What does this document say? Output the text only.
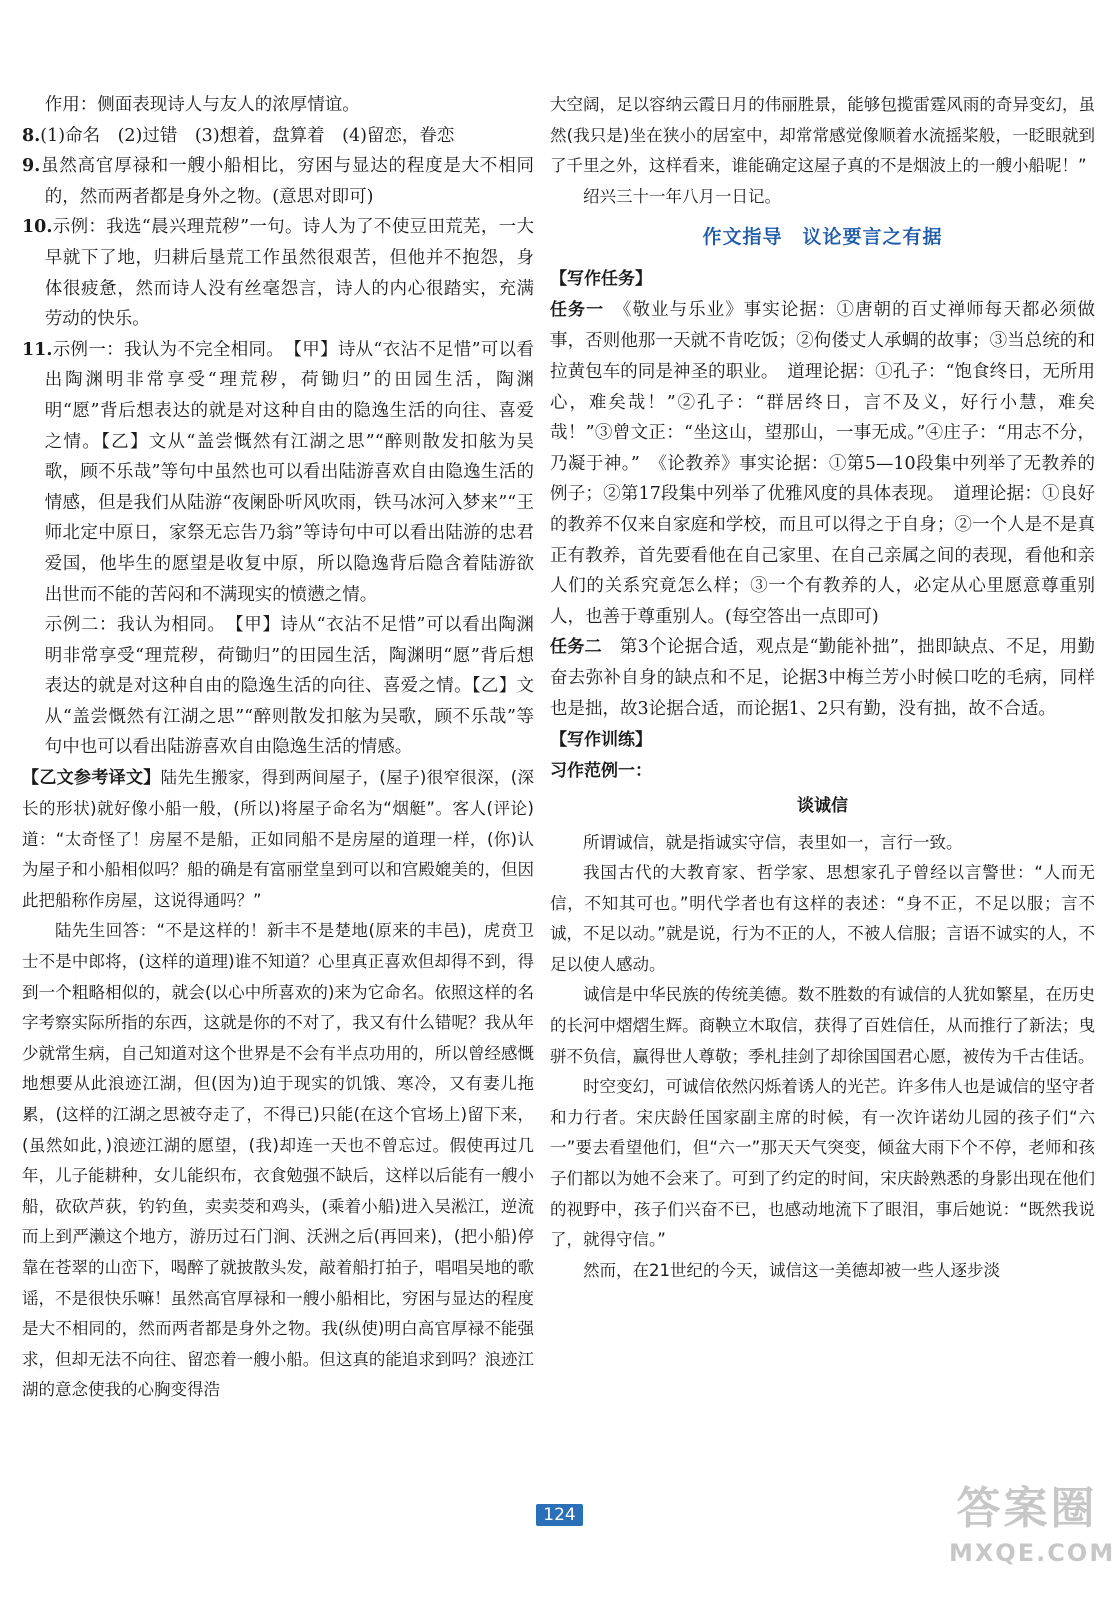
作用：侧面表现诗人与友人的浓厚情谊。

8.(1)命名　(2)过错　(3)想着，盘算着　(4)留恋，眷恋

9.虽然高官厚禄和一艘小船相比，穷困与显达的程度是大不相同的，然而两者都是身外之物。(意思对即可)

10.示例：我选“晨兴理荒秽”一句。诗人为了不使豆田荒芜，一大早就下了地，归耕后垦荒工作虽然很艰苦，但他并不抱怨，身体很疲惫，然而诗人没有丝毫怨言，诗人的内心很踏实，充满劳动的快乐。

11.示例一：我认为不完全相同。　【甲】诗从“衣沾不足惜”可以看出陶渊明非常享受“理荒秽，荷锄归”的田园生活，陶渊明“愿”背后想表达的就是对这种自由的隐逸生活的向往、喜爱之情。【乙】文从“盖尝慨然有江湖之思”“醉则散发扣舷为吴歌，顾不乐哉”等句中虽然也可以看出陆游喜欢自由隐逸生活的情感，但是我们从陆游“夜阑卧听风吹雨，铁马冰河入梦来”“王师北定中原日，家祭无忘告乃翁”等诗句中可以看出陆游的忠君爱国，他毕生的愿望是收复中原，所以隐逸背后隐含着陆游欲出世而不能的苦闷和不满现实的愤懑之情。

示例二：我认为相同。　【甲】诗从“衣沾不足惜”可以看出陶渊明非常享受“理荒秽，荷锄归”的田园生活，陶渊明“愿”背后想表达的就是对这种自由的隐逸生活的向往、喜爱之情。【乙】文从“盖尝慨然有江湖之思”“醉则散发扣舷为吴歌，顾不乐哉”等句中也可以看出陆游喜欢自由隐逸生活的情感。

【乙文参考译文】陆先生搬家，得到两间屋子，(屋子)很窄很深，(深长的形状)就好像小船一般，(所以)将屋子命名为“烟艇”。客人(评论)道：“太奇怪了！房屋不是船，正如同船不是房屋的道理一样，(你)认为屋子和小船相似吗？船的确是有富丽堂皇到可以和宫殿媲美的，但因此把船称作房屋，这说得通吗？”

陆先生回答：“不是这样的！新丰不是楚地(原来的丰邑)，虎贲卫士不是中郎将，(这样的道理)谁不知道？心里真正喜欢但却得不到，得到一个粗略相似的，就会(以心中所喜欢的)来为它命名。依照这样的名字考察实际所指的东西，这就是你的不对了，我又有什么错呢？我从年少就常生病，自己知道对这个世界是不会有半点功用的，所以曾经感慨地想要从此浪迹江湖，但(因为)迫于现实的饥饿、寒冷，又有妻儿拖累，(这样的江湖之思被夺走了，不得已)只能(在这个官场上)留下来，(虽然如此，)浪迹江湖的愿望，(我)却连一天也不曾忘过。假使再过几年，儿子能耕种，女儿能织布，衣食勉强不缺后，这样以后能有一艘小船，砍砍芦荻，钓钓鱼，卖卖茭和鸡头，(乘着小船)进入吴淞江，逆流而上到严濑这个地方，游历过石门涧、沃洲之后(再回来)，(把小船)停靠在苍翠的山峦下，喝醉了就披散头发，敲着船打拍子，唱唱吴地的歌谣，不是很快乐嘛！虽然高官厚禄和一艘小船相比，穷困与显达的程度是大不相同的，然而两者都是身外之物。我(纵使)明白高官厚禄不能强求，但却无法不向往、留恋着一艘小船。但这真的能追求到吗？浪迹江湖的意念使我的心胸变得浩

大空阔，足以容纳云霞日月的伟丽胜景，能够包揽雷霆风雨的奇异变幻，虽然(我只是)坐在狭小的居室中，却常常感觉像顺着水流摇桨般，一眨眼就到了千里之外，这样看来，谁能确定这屋子真的不是烟波上的一艘小船呢！”

绍兴三十一年八月一日记。

作文指导　议论要言之有据

【写作任务】

任务一　 《敬业与乐业》事实论据：①唐朝的百丈禅师每天都必须做事，否则他那一天就不肯吃饭；②佝偻丈人承蜩的故事；③当总统的和拉黄包车的同是神圣的职业。　道理论据：①孔子：“饱食终日，无所用心，难矣哉！”②孔子：“群居终日，言不及义，好行小慧，难矣哉！”③曾文正：“坐这山，望那山，一事无成。”④庄子：“用志不分，乃凝于神。”　《论教养》事实论据：①第5—10段集中列举了无教养的例子；②第17段集中列举了优雅风度的具体表现。　道理论据：①良好的教养不仅来自家庭和学校，而且可以得之于自身；②一个人是不是真正有教养，首先要看他在自己家里、在自己亲属之间的表现，看他和亲人们的关系究竟怎么样；③一个有教养的人，必定从心里愿意尊重别人，也善于尊重别人。(每空答出一点即可)

任务二　 第3个论据合适，观点是“勤能补拙”，拙即缺点、不足，用勤奋去弥补自身的缺点和不足，论据3中梅兰芳小时候口吃的毛病，同样也是拙，故3论据合适，而论据1、2只有勤，没有拙，故不合适。

【写作训练】

习作范例一：

谈诚信

所谓诚信，就是指诚实守信，表里如一，言行一致。

我国古代的大教育家、哲学家、思想家孔子曾经以言警世：“人而无信，不知其可也。”明代学者也有这样的表述：“身不正，不足以服；言不诚，不足以动。”就是说，行为不正的人，不被人信服；言语不诚实的人，不足以使人感动。

诚信是中华民族的传统美德。数不胜数的有诚信的人犹如繁星，在历史的长河中熠熠生辉。商鞅立木取信，获得了百姓信任，从而推行了新法；曳骈不负信，赢得世人尊敬；季札挂剑了却徐国国君心愿，被传为千古佳话。

时空变幻，可诚信依然闪烁着诱人的光芒。许多伟人也是诚信的坚守者和力行者。宋庆龄任国家副主席的时候，有一次许诺幼儿园的孩子们“六一”要去看望他们，但“六一”那天天气突变，倾盆大雨下个不停，老师和孩子们都以为她不会来了。可到了约定的时间，宋庆龄熟悉的身影出现在他们的视野中，孩子们兴奋不已，也感动地流下了眼泪，事后她说：“既然我说了，就得守信。”

然而，在21世纪的今天，诚信这一美德却被一些人逐步淡

124	答案圈
MXQE.COM
